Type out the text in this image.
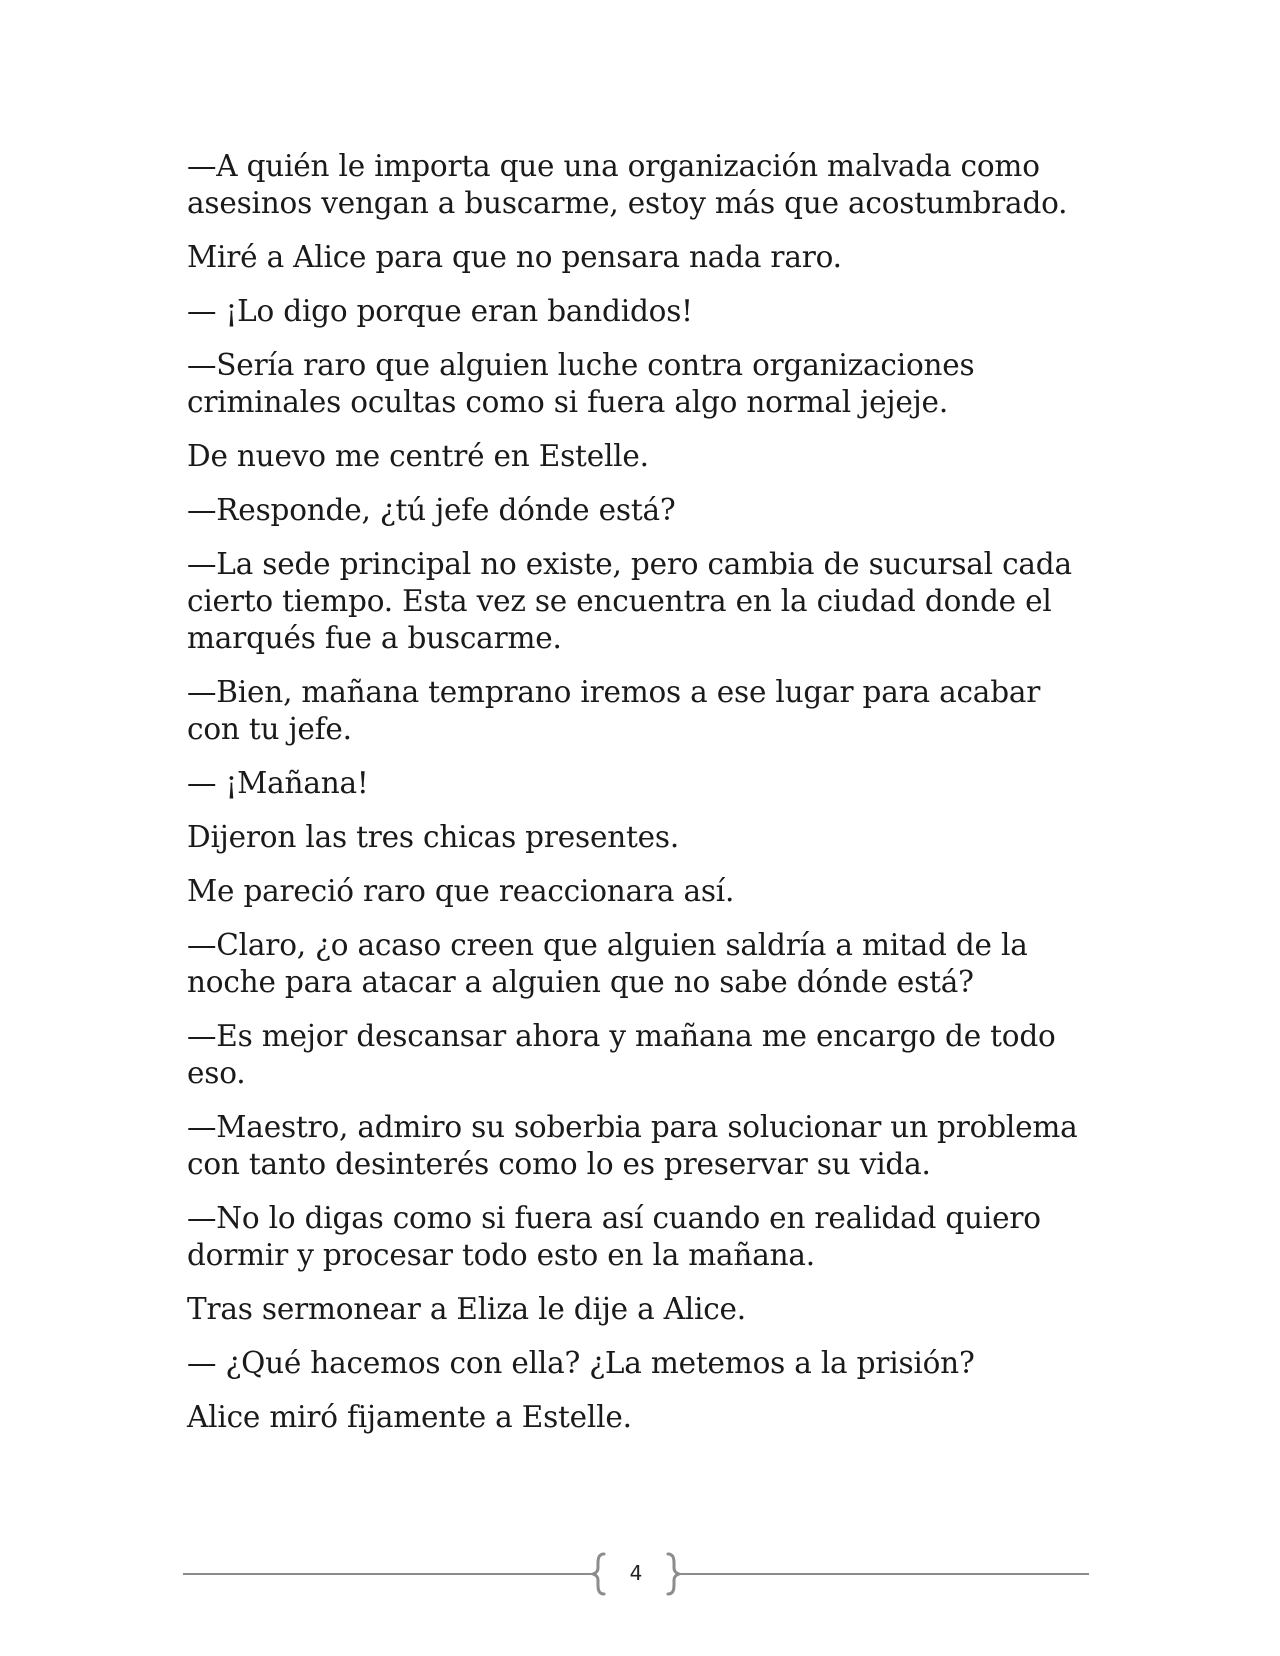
—A quién le importa que una organización malvada como asesinos vengan a buscarme, estoy más que acostumbrado.

Miré a Alice para que no pensara nada raro.

— ¡Lo digo porque eran bandidos!

—Sería raro que alguien luche contra organizaciones criminales ocultas como si fuera algo normal jejeje.

De nuevo me centré en Estelle.

—Responde, ¿tú jefe dónde está?

—La sede principal no existe, pero cambia de sucursal cada cierto tiempo. Esta vez se encuentra en la ciudad donde el marqués fue a buscarme.

—Bien, mañana temprano iremos a ese lugar para acabar con tu jefe.

— ¡Mañana!

Dijeron las tres chicas presentes.

Me pareció raro que reaccionara así.

—Claro, ¿o acaso creen que alguien saldría a mitad de la noche para atacar a alguien que no sabe dónde está?

—Es mejor descansar ahora y mañana me encargo de todo eso.

—Maestro, admiro su soberbia para solucionar un problema con tanto desinterés como lo es preservar su vida.

—No lo digas como si fuera así cuando en realidad quiero dormir y procesar todo esto en la mañana.

Tras sermonear a Eliza le dije a Alice.

— ¿Qué hacemos con ella? ¿La metemos a la prisión?

Alice miró fijamente a Estelle.

4
